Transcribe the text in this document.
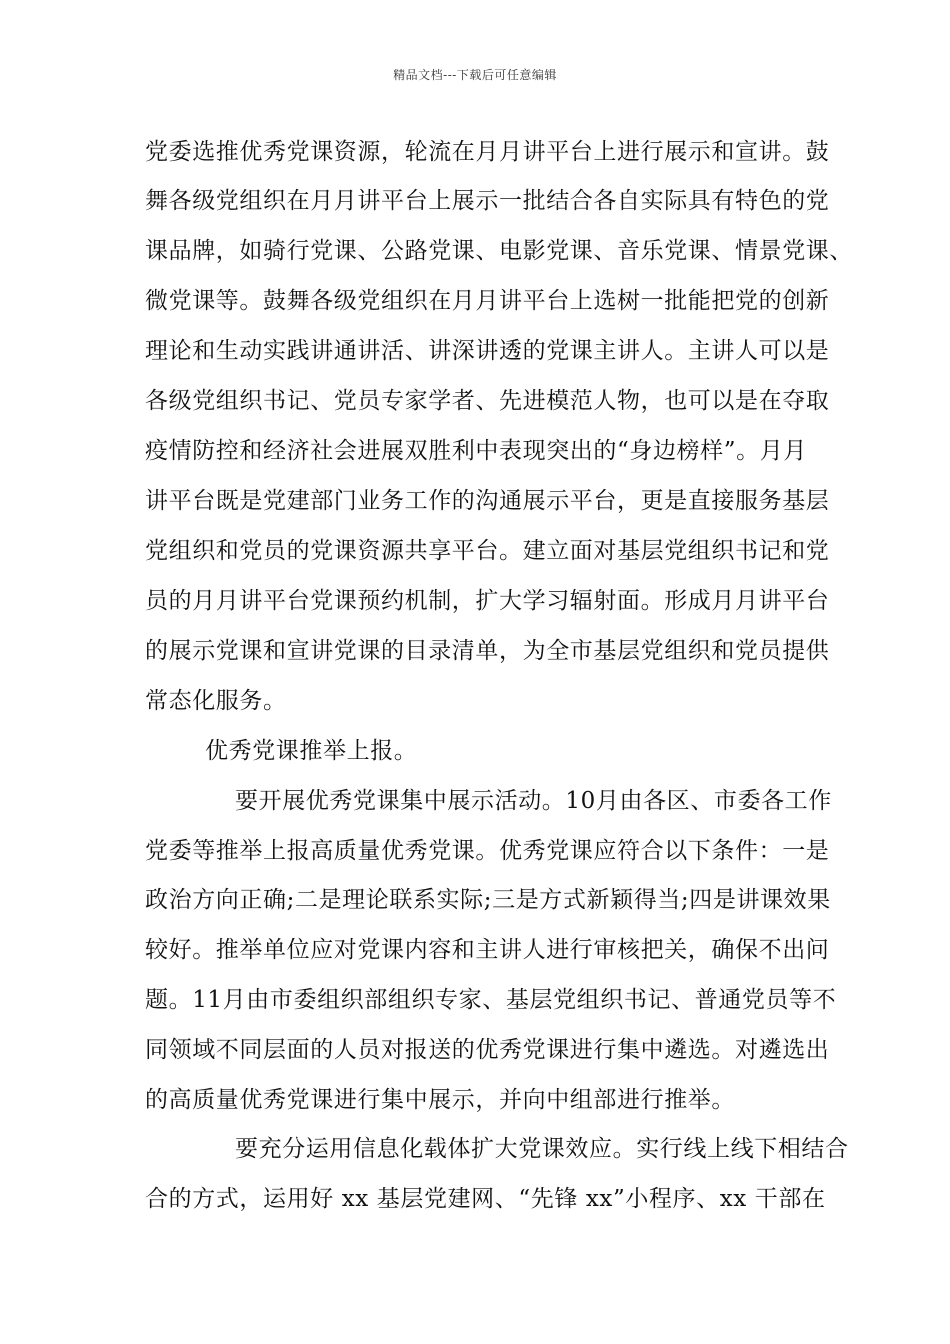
精品文档---下载后可任意编辑
党委选推优秀党课资源，轮流在月月讲平台上进行展示和宣讲。鼓
舞各级党组织在月月讲平台上展示一批结合各自实际具有特色的党
课品牌，如骑行党课、公路党课、电影党课、音乐党课、情景党课、
微党课等。鼓舞各级党组织在月月讲平台上选树一批能把党的创新
理论和生动实践讲通讲活、讲深讲透的党课主讲人。主讲人可以是
各级党组织书记、党员专家学者、先进模范人物，也可以是在夺取
疫情防控和经济社会进展双胜利中表现突出的“身边榜样”。月月
讲平台既是党建部门业务工作的沟通展示平台，更是直接服务基层
党组织和党员的党课资源共享平台。建立面对基层党组织书记和党
员的月月讲平台党课预约机制，扩大学习辐射面。形成月月讲平台
的展示党课和宣讲党课的目录清单，为全市基层党组织和党员提供
常态化服务。
优秀党课推举上报。
要开展优秀党课集中展示活动。10月由各区、市委各工作
党委等推举上报高质量优秀党课。优秀党课应符合以下条件：一是
政治方向正确;二是理论联系实际;三是方式新颖得当;四是讲课效果
较好。推举单位应对党课内容和主讲人进行审核把关，确保不出问
题。11月由市委组织部组织专家、基层党组织书记、普通党员等不
同领域不同层面的人员对报送的优秀党课进行集中遴选。对遴选出
的高质量优秀党课进行集中展示，并向中组部进行推举。
要充分运用信息化载体扩大党课效应。实行线上线下相结合
合的方式，运用好 xx 基层党建网、“先锋 xx”小程序、xx 干部在
